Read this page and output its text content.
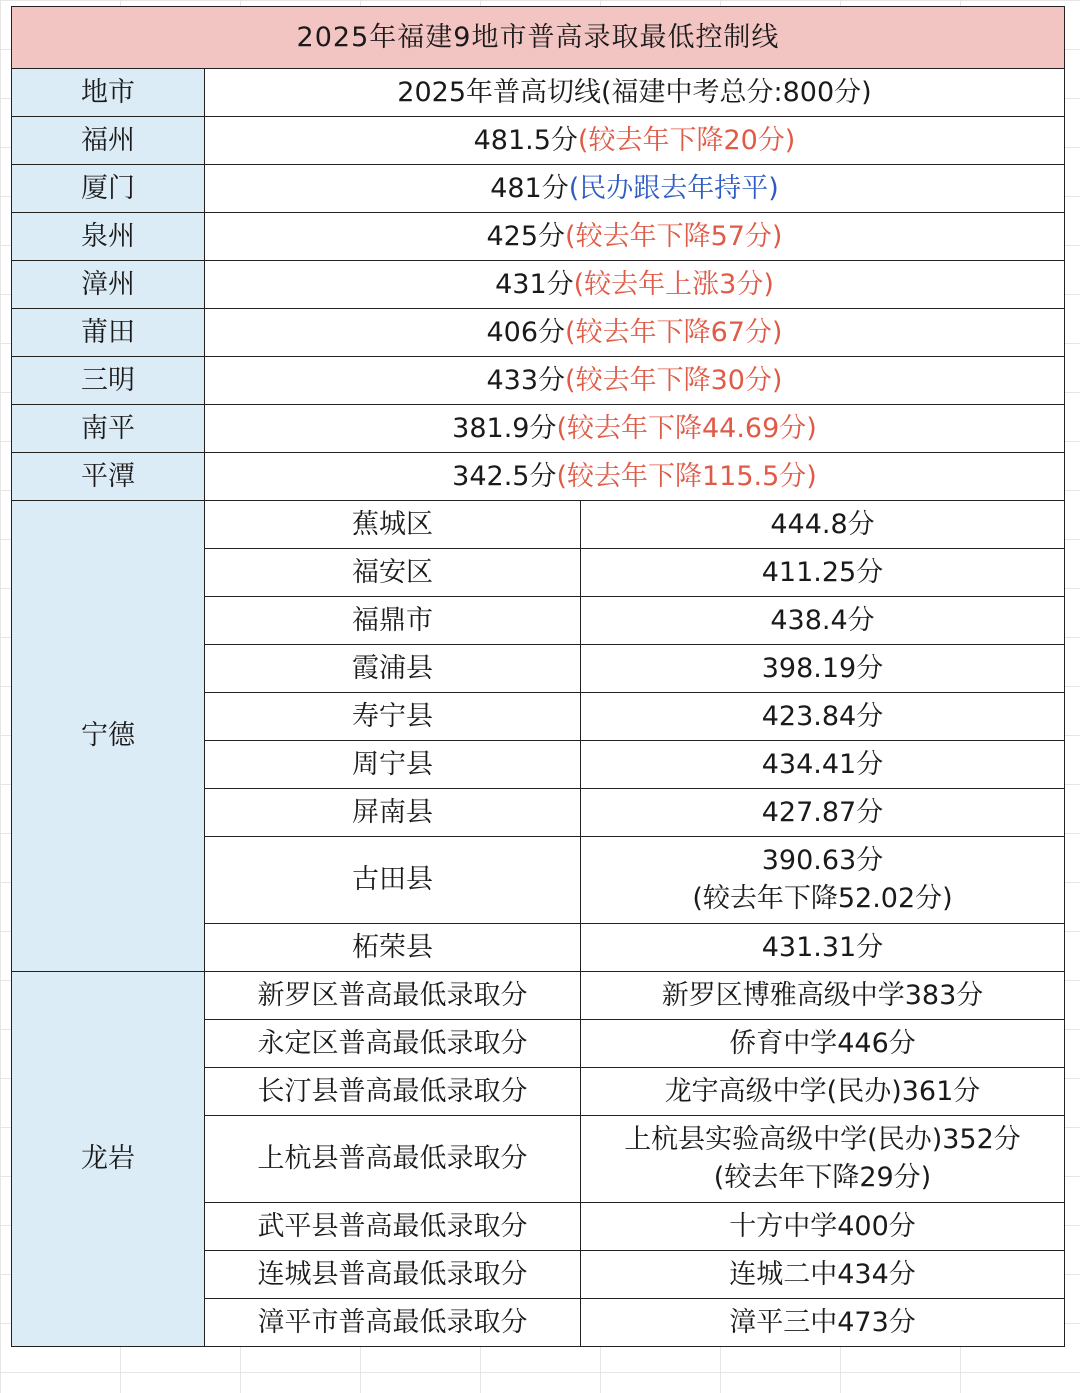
2025年福建9地市普高录取最低控制线		
地市	2025年普高切线(福建中考总分:800分)	
福州	481.5分(较去年下降20分)	
厦门	481分(民办跟去年持平)	
泉州	425分(较去年下降57分)	
漳州	431分(较去年上涨3分)	
莆田	406分(较去年下降67分)	
三明	433分(较去年下降30分)	
南平	381.9分(较去年下降44.69分)	
平潭	342.5分(较去年下降115.5分)	
宁德	蕉城区	444.8分
	福安区	411.25分
	福鼎市	438.4分
	霞浦县	398.19分
	寿宁县	423.84分
	周宁县	434.41分
	屏南县	427.87分
	古田县	390.63分
(较去年下降52.02分)

	柘荣县	431.31分
龙岩	新罗区普高最低录取分	新罗区博雅高级中学383分
	永定区普高最低录取分	侨育中学446分
	长汀县普高最低录取分	龙宇高级中学(民办)361分
	上杭县普高最低录取分	上杭县实验高级中学(民办)352分
(较去年下降29分)

	武平县普高最低录取分	十方中学400分
	连城县普高最低录取分	连城二中434分
	漳平市普高最低录取分	漳平三中473分
